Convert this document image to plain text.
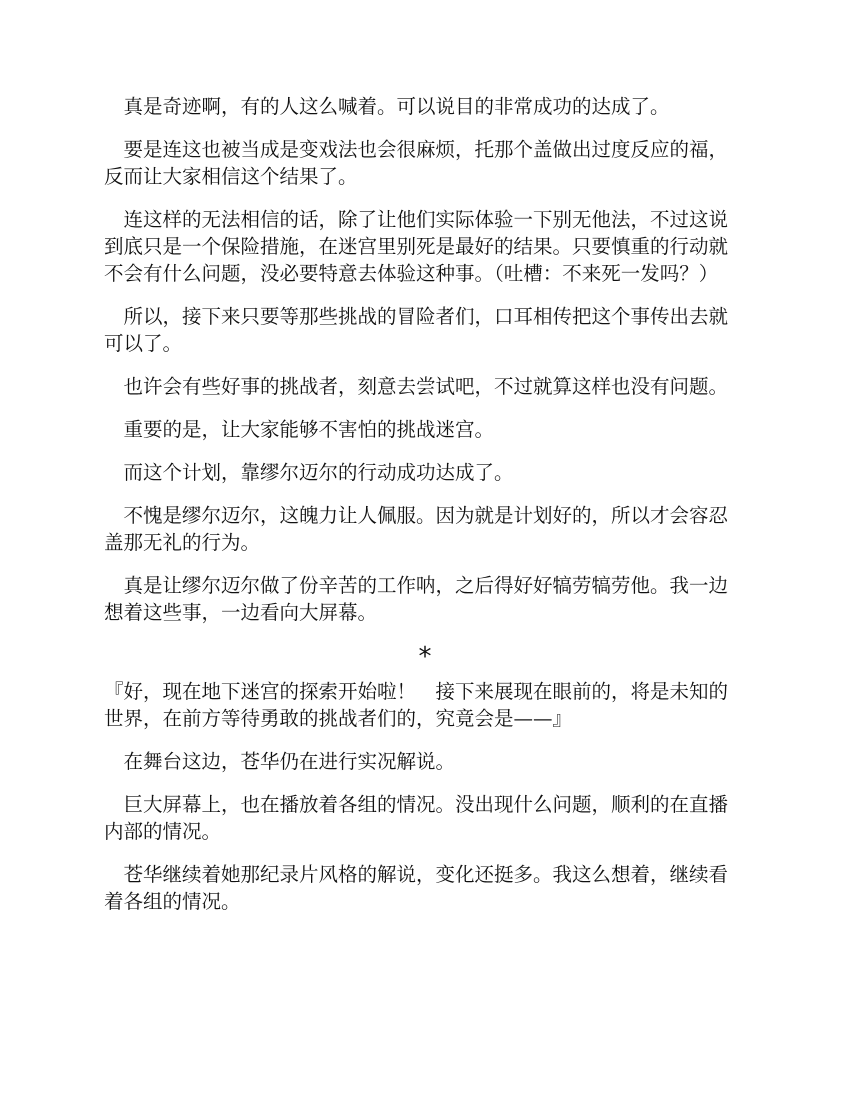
真是奇迹啊，有的人这么喊着。可以说目的非常成功的达成了。

要是连这也被当成是变戏法也会很麻烦，托那个盖做出过度反应的福，反而让大家相信这个结果了。

连这样的无法相信的话，除了让他们实际体验一下别无他法，不过这说到底只是一个保险措施，在迷宫里别死是最好的结果。只要慎重的行动就不会有什么问题，没必要特意去体验这种事。（吐槽：不来死一发吗？）

所以，接下来只要等那些挑战的冒险者们，口耳相传把这个事传出去就可以了。

也许会有些好事的挑战者，刻意去尝试吧，不过就算这样也没有问题。

重要的是，让大家能够不害怕的挑战迷宫。

而这个计划，靠缪尔迈尔的行动成功达成了。

不愧是缪尔迈尔，这魄力让人佩服。因为就是计划好的，所以才会容忍盖那无礼的行为。

真是让缪尔迈尔做了份辛苦的工作呐，之后得好好犒劳犒劳他。我一边想着这些事，一边看向大屏幕。

*

『好，现在地下迷宫的探索开始啦！　接下来展现在眼前的，将是未知的世界，在前方等待勇敢的挑战者们的，究竟会是——』

在舞台这边，苍华仍在进行实况解说。

巨大屏幕上，也在播放着各组的情况。没出现什么问题，顺利的在直播内部的情况。

苍华继续着她那纪录片风格的解说，变化还挺多。我这么想着，继续看着各组的情况。
